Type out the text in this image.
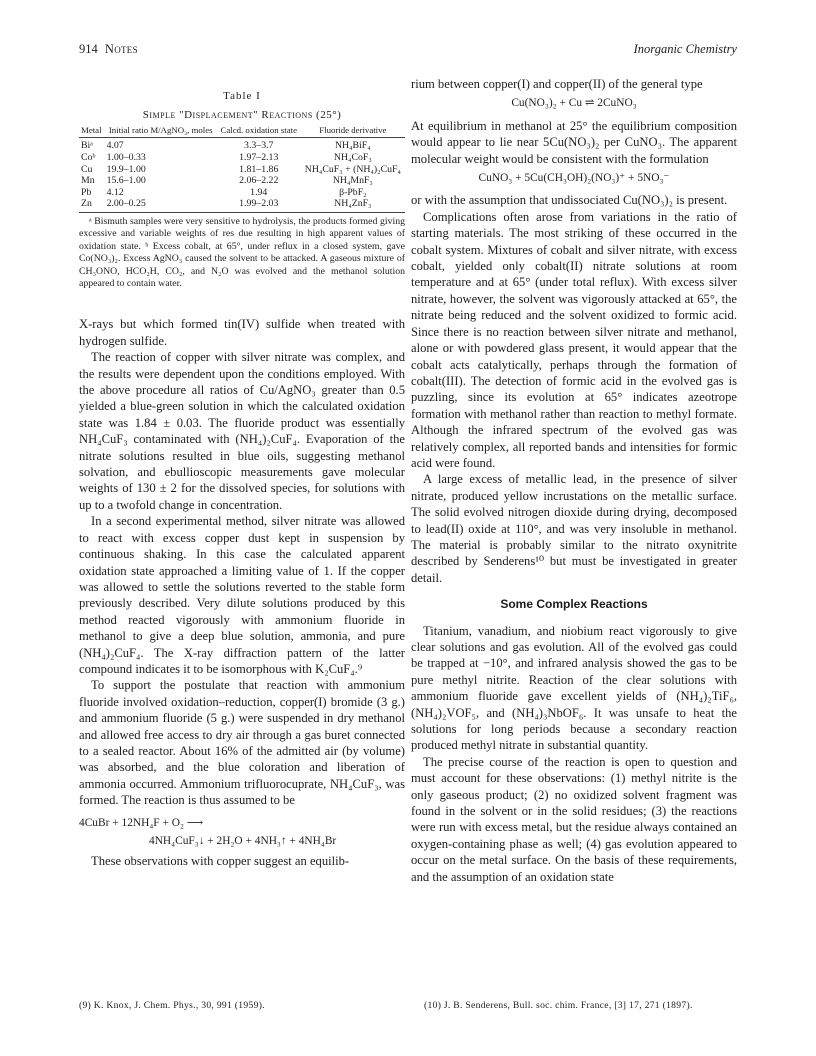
914 Notes	Inorganic Chemistry
Table I
Simple "Displacement" Reactions (25°)
Metal	Initial ratio M/AgNO₃, moles	Calcd. oxidation state	Fluoride derivative
Biᵃ	4.07	3.3–3.7	NH₄BiF₄
Coᵇ	1.00–0.33	1.97–2.13	NH₄CoF₃
Cu	19.9–1.00	1.81–1.86	NH₄CuF₃ + (NH₄)₂CuF₄
Mn	15.6–1.00	2.06–2.22	NH₄MnF₃
Pb	4.12	1.94	β-PbF₂
Zn	2.00–0.25	1.99–2.03	NH₄ZnF₃
ᵃ Bismuth samples were very sensitive to hydrolysis, the products formed giving excessive and variable weights of res due resulting in high apparent values of oxidation state. ᵇ Excess cobalt, at 65°, under reflux in a closed system, gave Co(NO₃)₂. Excess AgNO₃ caused the solvent to be attacked. A gaseous mixture of CH₃ONO, HCO₂H, CO₂, and N₂O was evolved and the methanol solution appeared to contain water.

X-rays but which formed tin(IV) sulfide when treated with hydrogen sulfide.

The reaction of copper with silver nitrate was complex, and the results were dependent upon the conditions employed. With the above procedure all ratios of Cu/AgNO₃ greater than 0.5 yielded a blue-green solution in which the calculated oxidation state was 1.84 ± 0.03. The fluoride product was essentially NH₄CuF₃ contaminated with (NH₄)₂CuF₄. Evaporation of the nitrate solutions resulted in blue oils, suggesting methanol solvation, and ebullioscopic measurements gave molecular weights of 130 ± 2 for the dissolved species, for solutions with up to a twofold change in concentration.

In a second experimental method, silver nitrate was allowed to react with excess copper dust kept in suspension by continuous shaking. In this case the calculated apparent oxidation state approached a limiting value of 1. If the copper was allowed to settle the solutions reverted to the stable form previously described. Very dilute solutions produced by this method reacted vigorously with ammonium fluoride in methanol to give a deep blue solution, ammonia, and pure (NH₄)₂CuF₄. The X-ray diffraction pattern of the latter compound indicates it to be isomorphous with K₂CuF₄.⁹

To support the postulate that reaction with ammonium fluoride involved oxidation–reduction, copper(I) bromide (3 g.) and ammonium fluoride (5 g.) were suspended in dry methanol and allowed free access to dry air through a gas buret connected to a sealed reactor. About 16% of the admitted air (by volume) was absorbed, and the blue coloration and liberation of ammonia occurred. Ammonium trifluorocuprate, NH₄CuF₃, was formed. The reaction is thus assumed to be

4CuBr + 12NH₄F + O₂ ⟶
4NH₄CuF₃↓ + 2H₂O + 4NH₃↑ + 4NH₄Br

These observations with copper suggest an equilib-

rium between copper(I) and copper(II) of the general type

Cu(NO₃)₂ + Cu ⇌ 2CuNO₃

At equilibrium in methanol at 25° the equilibrium composition would appear to lie near 5Cu(NO₃)₂ per CuNO₃. The apparent molecular weight would be consistent with the formulation

CuNO₃ + 5Cu(CH₃OH)₂(NO₃)⁺ + 5NO₃⁻

or with the assumption that undissociated Cu(NO₃)₂ is present.

Complications often arose from variations in the ratio of starting materials. The most striking of these occurred in the cobalt system. Mixtures of cobalt and silver nitrate, with excess cobalt, yielded only cobalt(II) nitrate solutions at room temperature and at 65° (under total reflux). With excess silver nitrate, however, the solvent was vigorously attacked at 65°, the nitrate being reduced and the solvent oxidized to formic acid. Since there is no reaction between silver nitrate and methanol, alone or with powdered glass present, it would appear that the cobalt acts catalytically, perhaps through the formation of cobalt(III). The detection of formic acid in the evolved gas is puzzling, since its evolution at 65° indicates azeotrope formation with methanol rather than reaction to methyl formate. Although the infrared spectrum of the evolved gas was relatively complex, all reported bands and intensities for formic acid were found.

A large excess of metallic lead, in the presence of silver nitrate, produced yellow incrustations on the metallic surface. The solid evolved nitrogen dioxide during drying, decomposed to lead(II) oxide at 110°, and was very insoluble in methanol. The material is probably similar to the nitrato oxynitrite described by Senderens¹⁰ but must be investigated in greater detail.

Some Complex Reactions

Titanium, vanadium, and niobium react vigorously to give clear solutions and gas evolution. All of the evolved gas could be trapped at −10°, and infrared analysis showed the gas to be pure methyl nitrite. Reaction of the clear solutions with ammonium fluoride gave excellent yields of (NH₄)₂TiF₆, (NH₄)₂VOF₅, and (NH₄)₃NbOF₆. It was unsafe to heat the solutions for long periods because a secondary reaction produced methyl nitrate in substantial quantity.

The precise course of the reaction is open to question and must account for these observations: (1) methyl nitrite is the only gaseous product; (2) no oxidized solvent fragment was found in the solvent or in the solid residues; (3) the reactions were run with excess metal, but the residue always contained an oxygen-containing phase as well; (4) gas evolution appeared to occur on the metal surface. On the basis of these requirements, and the assumption of an oxidation state

(9) K. Knox, J. Chem. Phys., 30, 991 (1959).	(10) J. B. Senderens, Bull. soc. chim. France, [3] 17, 271 (1897).
